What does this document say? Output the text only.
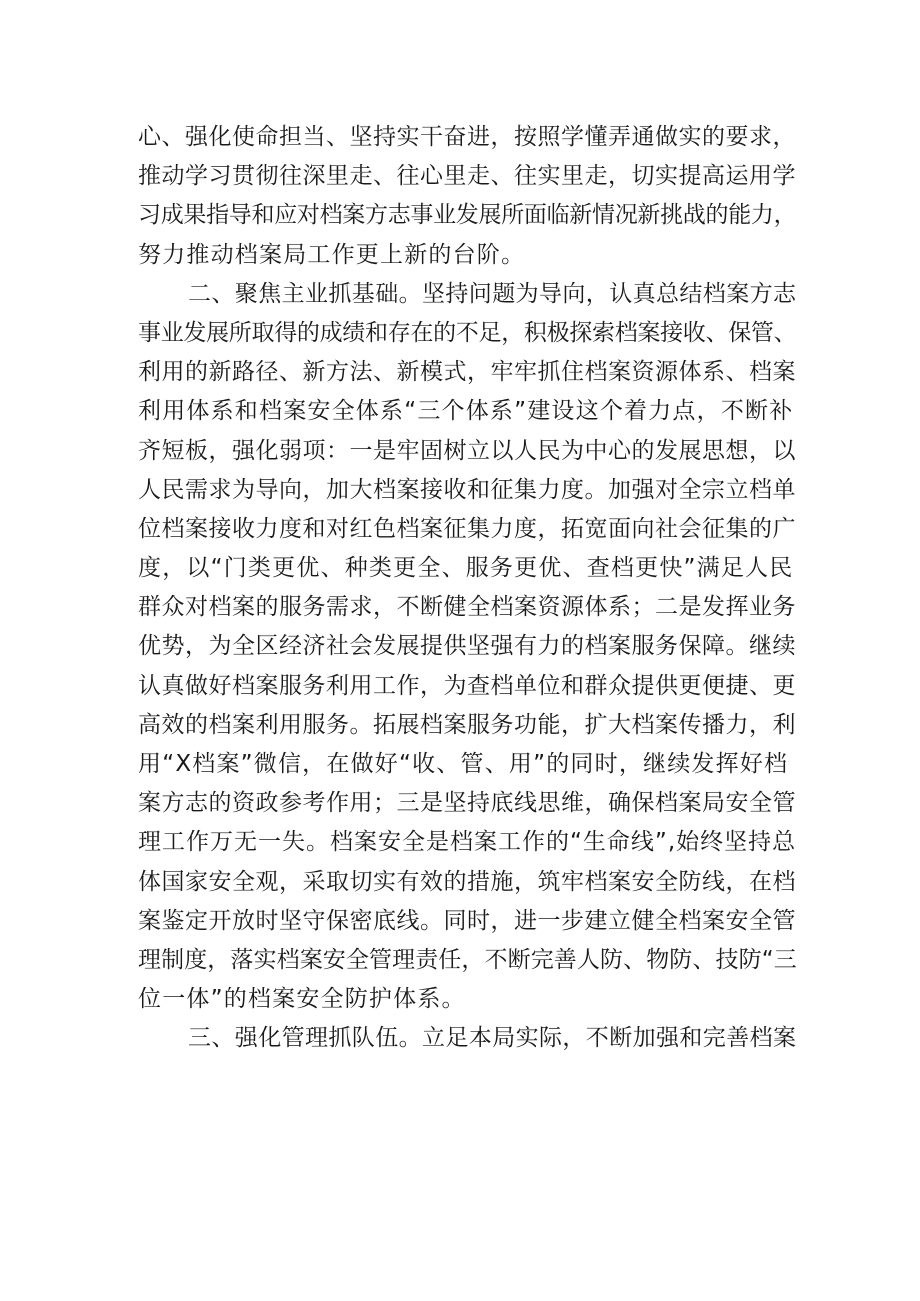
心、强化使命担当、坚持实干奋进，按照学懂弄通做实的要求，
推动学习贯彻往深里走、往心里走、往实里走，切实提高运用学
习成果指导和应对档案方志事业发展所面临新情况新挑战的能力，
努力推动档案局工作更上新的台阶。
二、聚焦主业抓基础。坚持问题为导向，认真总结档案方志
事业发展所取得的成绩和存在的不足，积极探索档案接收、保管、
利用的新路径、新方法、新模式，牢牢抓住档案资源体系、档案
利用体系和档案安全体系“三个体系”建设这个着力点，不断补
齐短板，强化弱项：一是牢固树立以人民为中心的发展思想，以
人民需求为导向，加大档案接收和征集力度。加强对全宗立档单
位档案接收力度和对红色档案征集力度，拓宽面向社会征集的广
度，以“门类更优、种类更全、服务更优、查档更快”满足人民
群众对档案的服务需求，不断健全档案资源体系；二是发挥业务
优势，为全区经济社会发展提供坚强有力的档案服务保障。继续
认真做好档案服务利用工作，为查档单位和群众提供更便捷、更
高效的档案利用服务。拓展档案服务功能，扩大档案传播力，利
用“X档案”微信，在做好“收、管、用”的同时，继续发挥好档
案方志的资政参考作用；三是坚持底线思维，确保档案局安全管
理工作万无一失。档案安全是档案工作的“生命线”,始终坚持总
体国家安全观，采取切实有效的措施，筑牢档案安全防线，在档
案鉴定开放时坚守保密底线。同时，进一步建立健全档案安全管
理制度，落实档案安全管理责任，不断完善人防、物防、技防“三
位一体”的档案安全防护体系。
三、强化管理抓队伍。立足本局实际，不断加强和完善档案
